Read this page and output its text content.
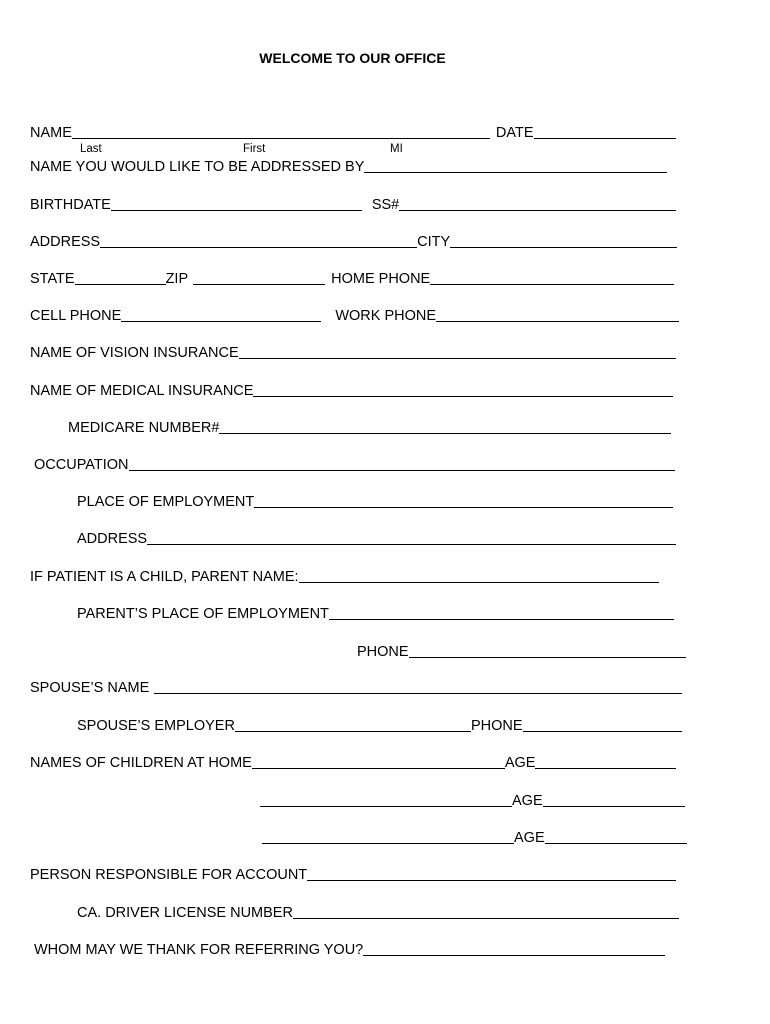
WELCOME TO OUR OFFICE
NAME	DATE
Last	First	MI
NAME YOU WOULD LIKE TO BE ADDRESSED BY
BIRTHDATE	SS#
ADDRESS	CITY
STATE	ZIP	HOME PHONE
CELL PHONE	WORK PHONE
NAME OF VISION INSURANCE
NAME OF MEDICAL INSURANCE
MEDICARE NUMBER#
OCCUPATION
PLACE OF EMPLOYMENT
ADDRESS
IF PATIENT IS A CHILD, PARENT NAME:
PARENT’S PLACE OF EMPLOYMENT
PHONE
SPOUSE’S NAME
SPOUSE’S EMPLOYER	PHONE
NAMES OF CHILDREN AT HOME	AGE
AGE
AGE
PERSON RESPONSIBLE FOR ACCOUNT
CA. DRIVER LICENSE NUMBER
WHOM MAY WE THANK FOR REFERRING YOU?
